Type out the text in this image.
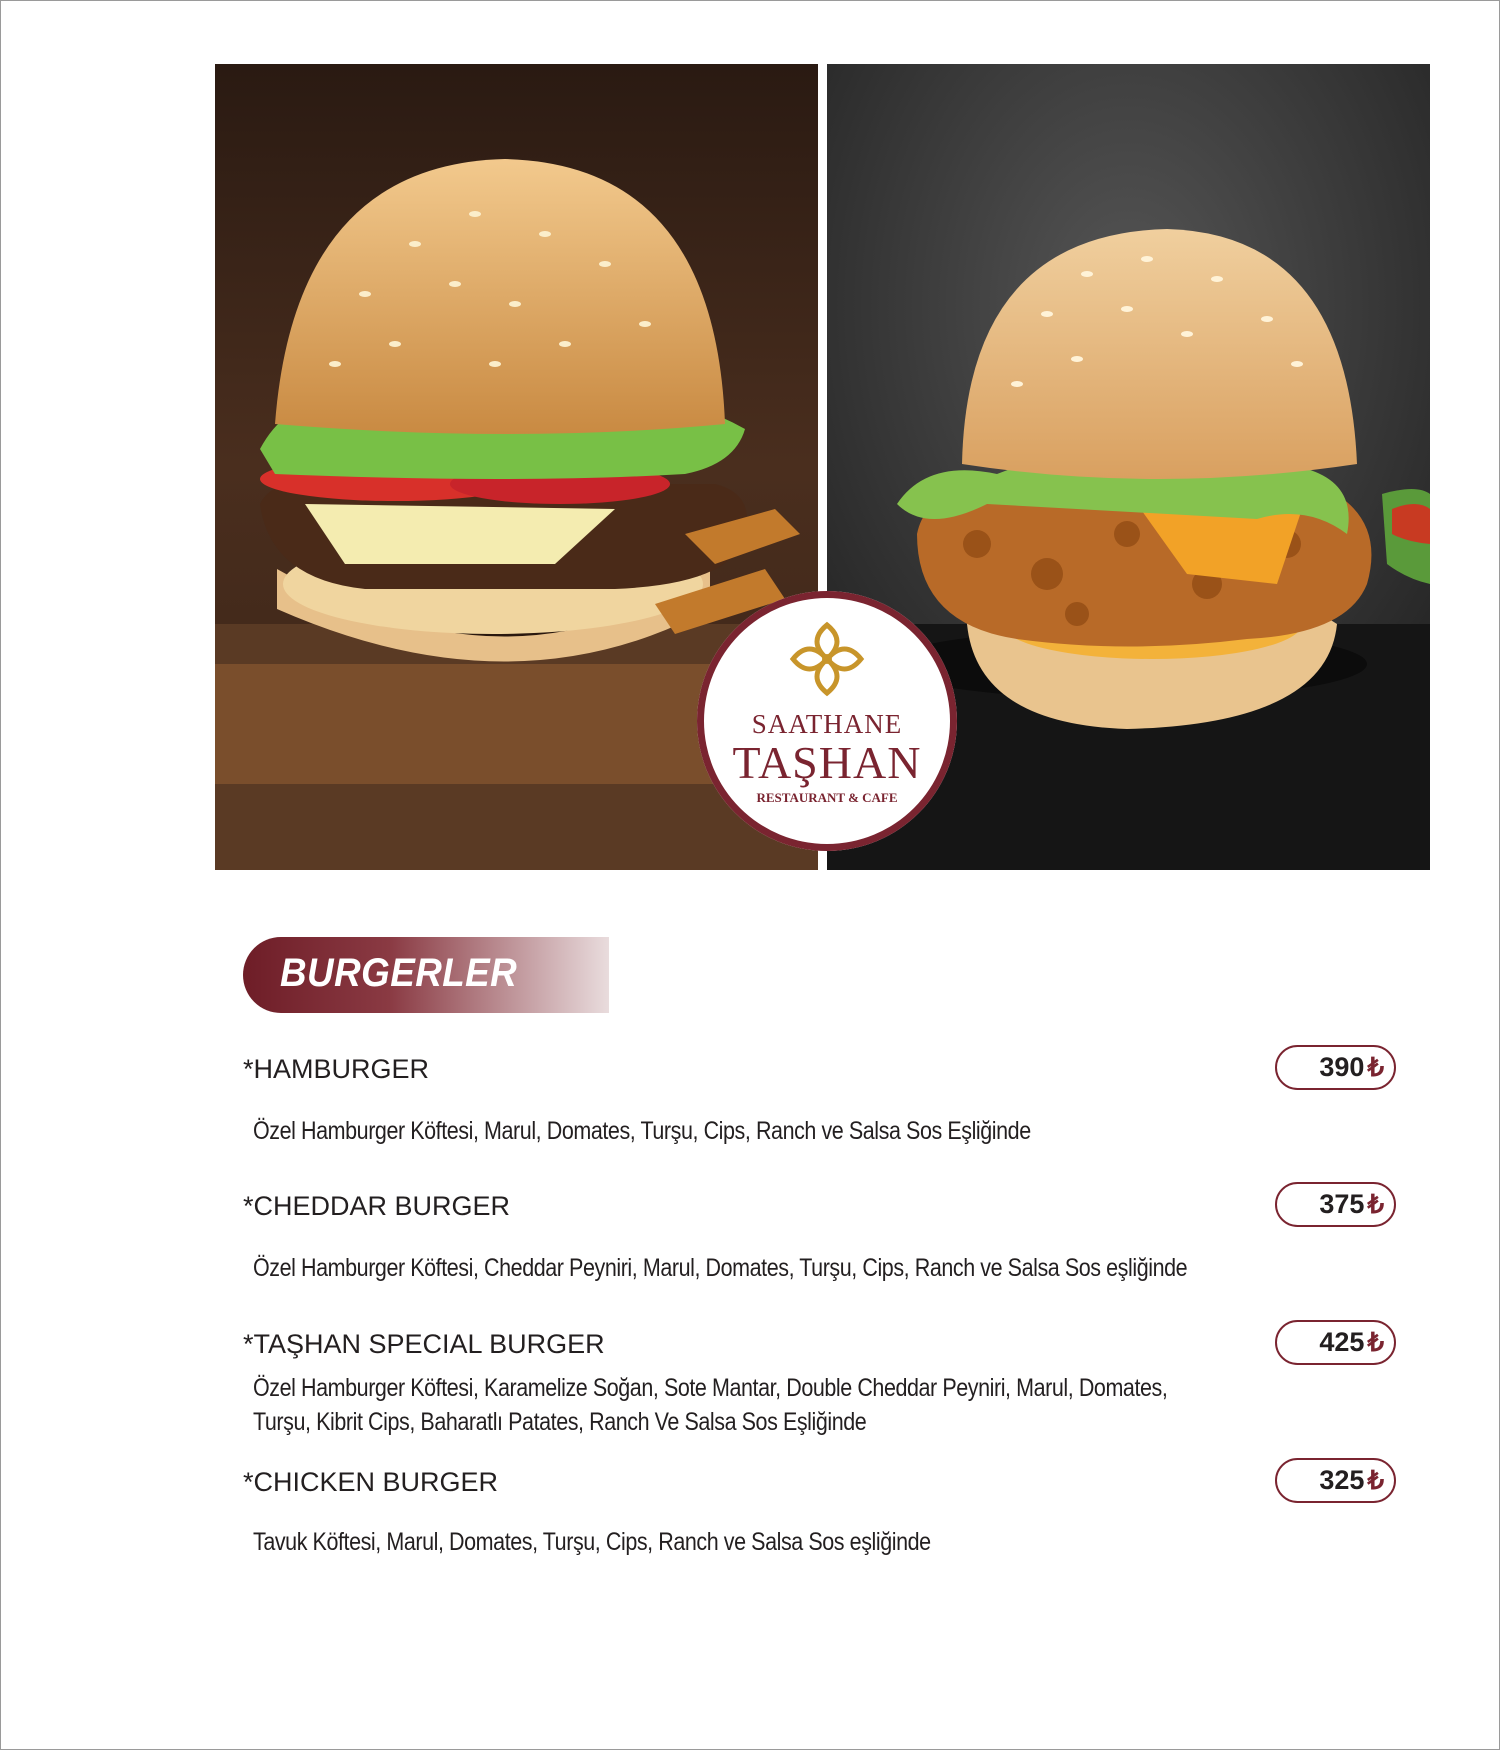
SAATHANE
TAŞHAN
RESTAURANT & CAFE
BURGERLER
*HAMBURGER	390 ₺
Özel Hamburger Köftesi, Marul, Domates, Turşu, Cips, Ranch ve Salsa Sos Eşliğinde
*CHEDDAR BURGER	375 ₺
Özel Hamburger Köftesi, Cheddar Peyniri, Marul, Domates, Turşu, Cips, Ranch ve Salsa Sos eşliğinde
*TAŞHAN SPECIAL BURGER	425 ₺
Özel Hamburger Köftesi, Karamelize Soğan, Sote Mantar, Double Cheddar Peyniri, Marul, Domates,
Turşu, Kibrit Cips, Baharatlı Patates, Ranch Ve Salsa Sos Eşliğinde
*CHICKEN BURGER	325 ₺
Tavuk Köftesi, Marul, Domates, Turşu, Cips, Ranch ve Salsa Sos eşliğinde
